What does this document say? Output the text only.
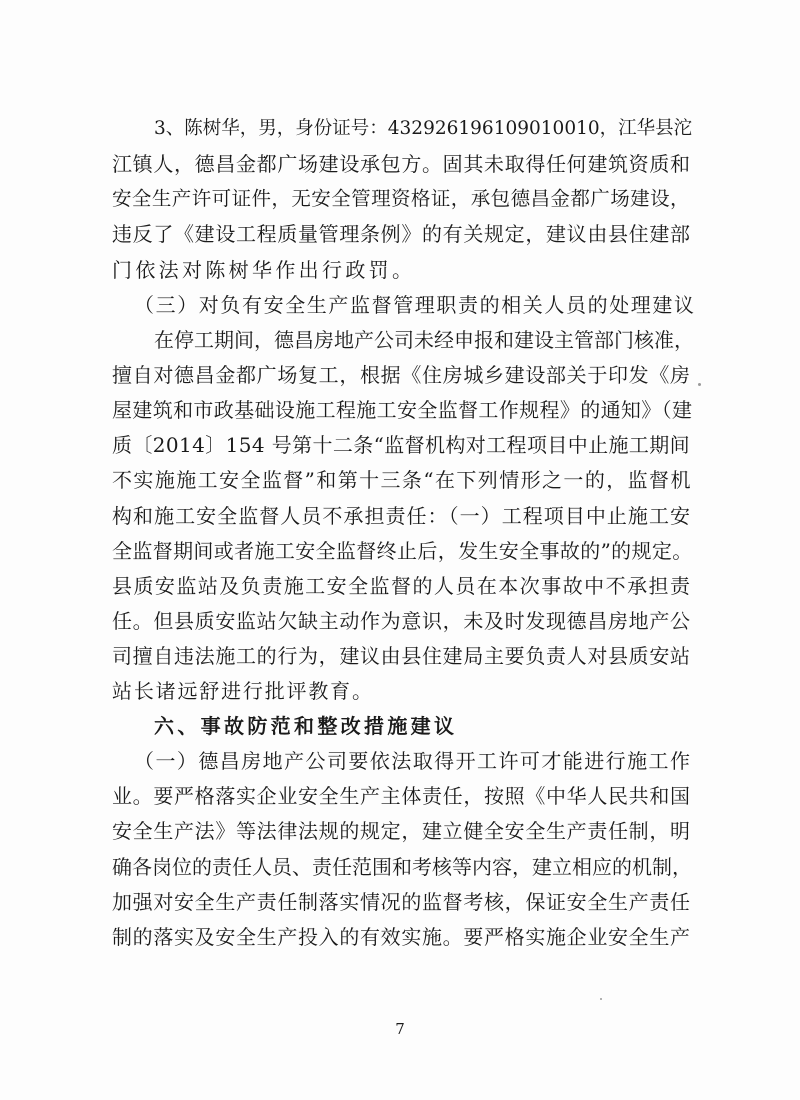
3、陈树华，男，身份证号：432926196109010010，江华县沱
江镇人，德昌金都广场建设承包方。固其未取得任何建筑资质和
安全生产许可证件，无安全管理资格证，承包德昌金都广场建设，
违反了《建设工程质量管理条例》的有关规定，建议由县住建部
门依法对陈树华作出行政罚。
（三）对负有安全生产监督管理职责的相关人员的处理建议
在停工期间，德昌房地产公司未经申报和建设主管部门核准，
擅自对德昌金都广场复工，根据《住房城乡建设部关于印发《房
屋建筑和市政基础设施工程施工安全监督工作规程》的通知》（建
质〔2014〕154 号第十二条“监督机构对工程项目中止施工期间
不实施施工安全监督”和第十三条“在下列情形之一的，监督机
构和施工安全监督人员不承担责任：（一）工程项目中止施工安
全监督期间或者施工安全监督终止后，发生安全事故的”的规定。
县质安监站及负责施工安全监督的人员在本次事故中不承担责
任。但县质安监站欠缺主动作为意识，未及时发现德昌房地产公
司擅自违法施工的行为，建议由县住建局主要负责人对县质安站
站长诸远舒进行批评教育。
六、事故防范和整改措施建议
（一）德昌房地产公司要依法取得开工许可才能进行施工作
业。要严格落实企业安全生产主体责任，按照《中华人民共和国
安全生产法》等法律法规的规定，建立健全安全生产责任制，明
确各岗位的责任人员、责任范围和考核等内容，建立相应的机制，
加强对安全生产责任制落实情况的监督考核，保证安全生产责任
制的落实及安全生产投入的有效实施。要严格实施企业安全生产
7
